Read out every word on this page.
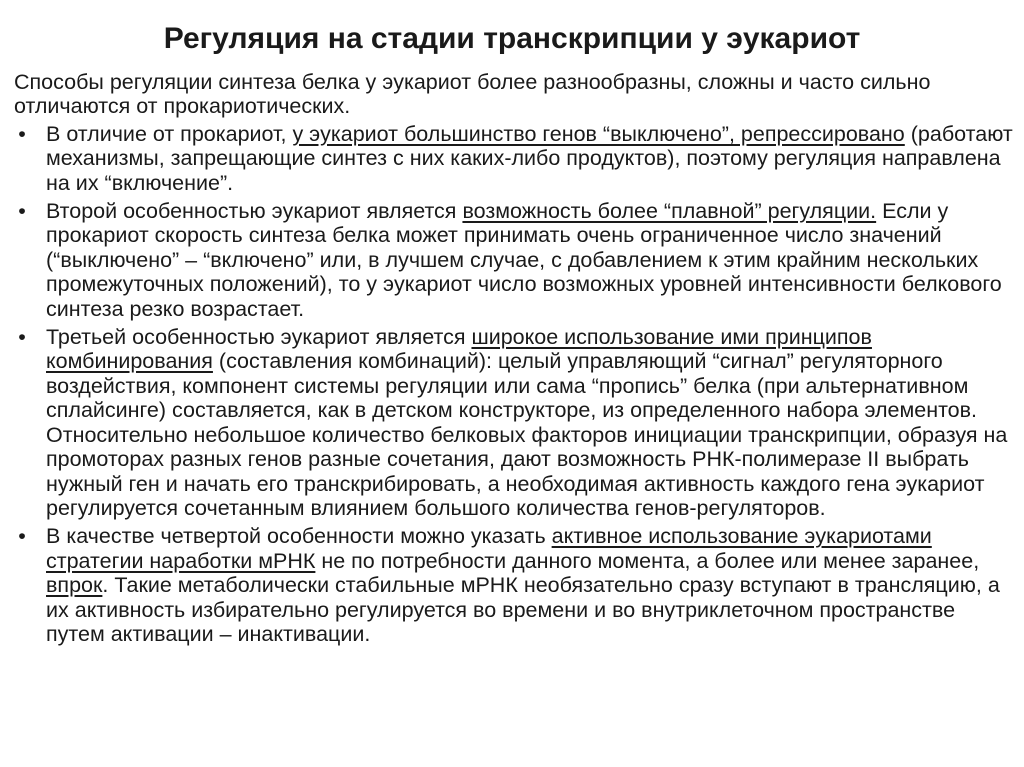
Регуляция на стадии транскрипции у эукариот

Способы регуляции синтеза белка у эукариот более разнообразны, сложны и часто сильно отличаются от прокариотических.

• В отличие от прокариот, у эукариот большинство генов “выключено”, репрессировано (работают механизмы, запрещающие синтез с них каких-либо продуктов), поэтому регуляция направлена на их “включение”.
• Второй особенностью эукариот является возможность более “плавной” регуляции. Если у прокариот скорость синтеза белка может принимать очень ограниченное число значений (“выключено” – “включено” или, в лучшем случае, с добавлением к этим крайним нескольких промежуточных положений), то у эукариот число возможных уровней интенсивности белкового синтеза резко возрастает.
• Третьей особенностью эукариот является широкое использование ими принципов комбинирования (составления комбинаций): целый управляющий “сигнал” регуляторного воздействия, компонент системы регуляции или сама “пропись” белка (при альтернативном сплайсинге) составляется, как в детском конструкторе, из определенного набора элементов. Относительно небольшое количество белковых факторов инициации транскрипции, образуя на промоторах разных генов разные сочетания, дают возможность РНК-полимеразе II выбрать нужный ген и начать его транскрибировать, а необходимая активность каждого гена эукариот регулируется сочетанным влиянием большого количества генов-регуляторов.
• В качестве четвертой особенности можно указать активное использование эукариотами стратегии наработки мРНК не по потребности данного момента, а более или менее заранее, впрок. Такие метаболически стабильные мРНК необязательно сразу вступают в трансляцию, а их активность избирательно регулируется во времени и во внутриклеточном пространстве путем активации – инактивации.
